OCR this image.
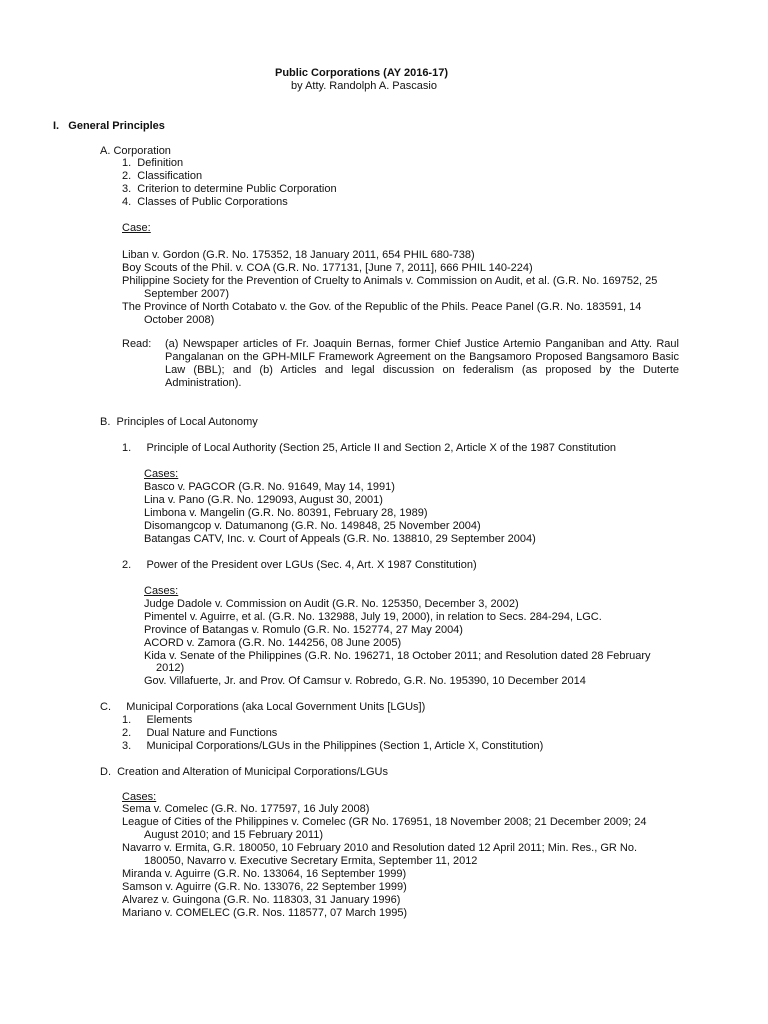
Public Corporations (AY 2016-17)
by Atty. Randolph A. Pascasio
I.   General Principles
A. Corporation
1.  Definition
2.  Classification
3.  Criterion to determine Public Corporation
4.  Classes of Public Corporations
Case:
Liban v. Gordon (G.R. No. 175352, 18 January 2011, 654 PHIL 680-738)
Boy Scouts of the Phil. v. COA (G.R. No. 177131, [June 7, 2011], 666 PHIL 140-224)
Philippine Society for the Prevention of Cruelty to Animals v. Commission on Audit, et al. (G.R. No. 169752, 25
September 2007)
The Province of North Cotabato v. the Gov. of the Republic of the Phils. Peace Panel (G.R. No. 183591, 14
October 2008)
Read:	(a) Newspaper articles of Fr. Joaquin Bernas, former Chief Justice Artemio Panganiban and Atty. Raul Pangalanan on the GPH-MILF Framework Agreement on the Bangsamoro Proposed Bangsamoro Basic Law (BBL); and (b) Articles and legal discussion on federalism (as proposed by the Duterte Administration).
B.  Principles of Local Autonomy
1.     Principle of Local Authority (Section 25, Article II and Section 2, Article X of the 1987 Constitution
Cases:
Basco v. PAGCOR (G.R. No. 91649, May 14, 1991)
Lina v. Pano (G.R. No. 129093, August 30, 2001)
Limbona v. Mangelin (G.R. No. 80391, February 28, 1989)
Disomangcop v. Datumanong (G.R. No. 149848, 25 November 2004)
Batangas CATV, Inc. v. Court of Appeals (G.R. No. 138810, 29 September 2004)
2.     Power of the President over LGUs (Sec. 4, Art. X 1987 Constitution)
Cases:
Judge Dadole v. Commission on Audit (G.R. No. 125350, December 3, 2002)
Pimentel v. Aguirre, et al. (G.R. No. 132988, July 19, 2000), in relation to Secs. 284-294, LGC.
Province of Batangas v. Romulo (G.R. No. 152774, 27 May 2004)
ACORD v. Zamora (G.R. No. 144256, 08 June 2005)
Kida v. Senate of the Philippines (G.R. No. 196271, 18 October 2011; and Resolution dated 28 February
2012)
Gov. Villafuerte, Jr. and Prov. Of Camsur v. Robredo, G.R. No. 195390, 10 December 2014
C.     Municipal Corporations (aka Local Government Units [LGUs])
1.     Elements
2.     Dual Nature and Functions
3.     Municipal Corporations/LGUs in the Philippines (Section 1, Article X, Constitution)
D.  Creation and Alteration of Municipal Corporations/LGUs
Cases:
Sema v. Comelec (G.R. No. 177597, 16 July 2008)
League of Cities of the Philippines v. Comelec (GR No. 176951, 18 November 2008; 21 December 2009; 24
August 2010; and 15 February 2011)
Navarro v. Ermita, G.R. 180050, 10 February 2010 and Resolution dated 12 April 2011; Min. Res., GR No.
180050, Navarro v. Executive Secretary Ermita, September 11, 2012
Miranda v. Aguirre (G.R. No. 133064, 16 September 1999)
Samson v. Aguirre (G.R. No. 133076, 22 September 1999)
Alvarez v. Guingona (G.R. No. 118303, 31 January 1996)
Mariano v. COMELEC (G.R. Nos. 118577, 07 March 1995)
